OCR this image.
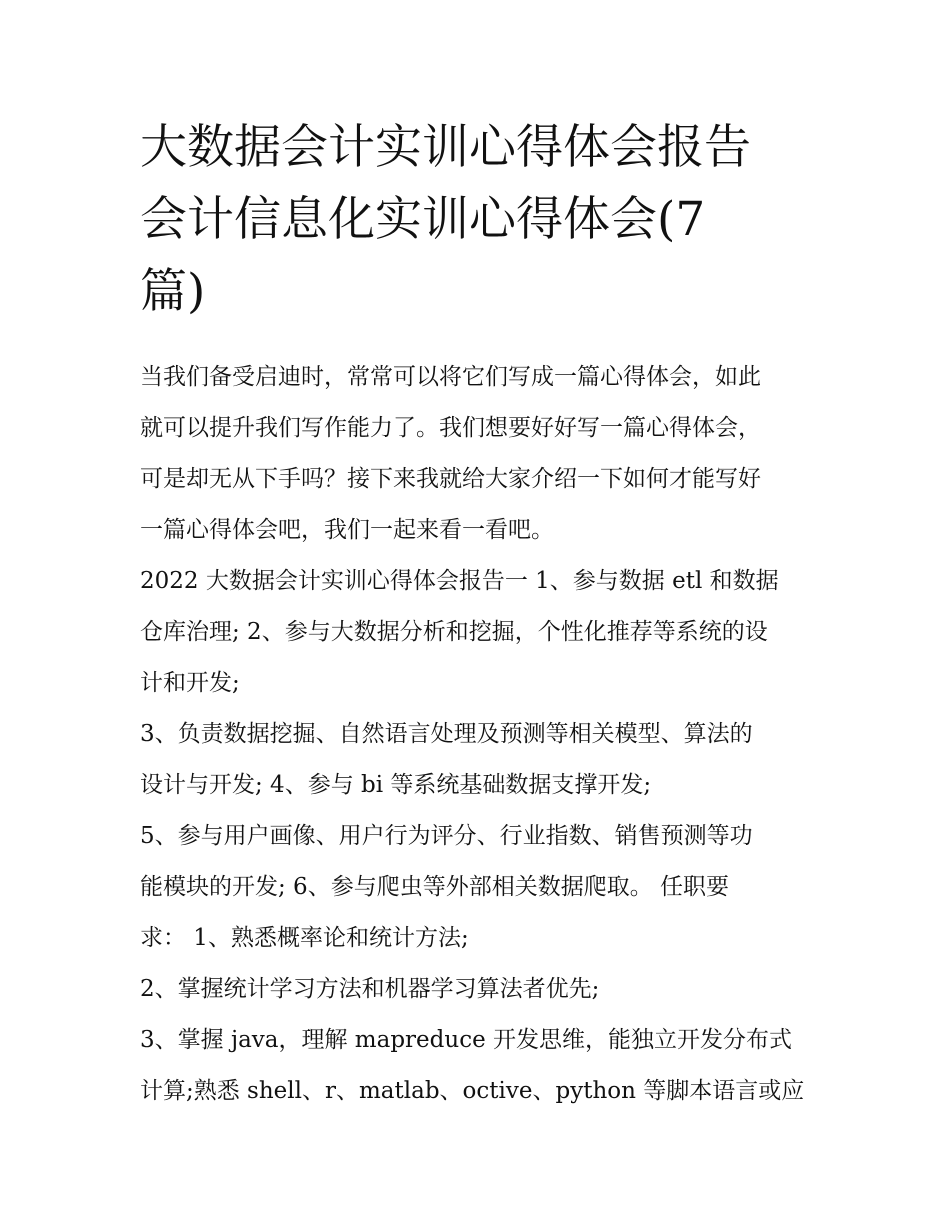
大数据会计实训心得体会报告
会计信息化实训心得体会(7
篇)
当我们备受启迪时，常常可以将它们写成一篇心得体会，如此
就可以提升我们写作能力了。我们想要好好写一篇心得体会，
可是却无从下手吗？接下来我就给大家介绍一下如何才能写好
一篇心得体会吧，我们一起来看一看吧。
2022 大数据会计实训心得体会报告一 1、参与数据 etl 和数据
仓库治理; 2、参与大数据分析和挖掘，个性化推荐等系统的设
计和开发;
3、负责数据挖掘、自然语言处理及预测等相关模型、算法的
设计与开发; 4、参与 bi 等系统基础数据支撑开发;
5、参与用户画像、用户行为评分、行业指数、销售预测等功
能模块的开发; 6、参与爬虫等外部相关数据爬取。 任职要
求： 1、熟悉概率论和统计方法;
2、掌握统计学习方法和机器学习算法者优先;
3、掌握 java，理解 mapreduce 开发思维，能独立开发分布式
计算;熟悉 shell、r、matlab、octive、python 等脚本语言或应
